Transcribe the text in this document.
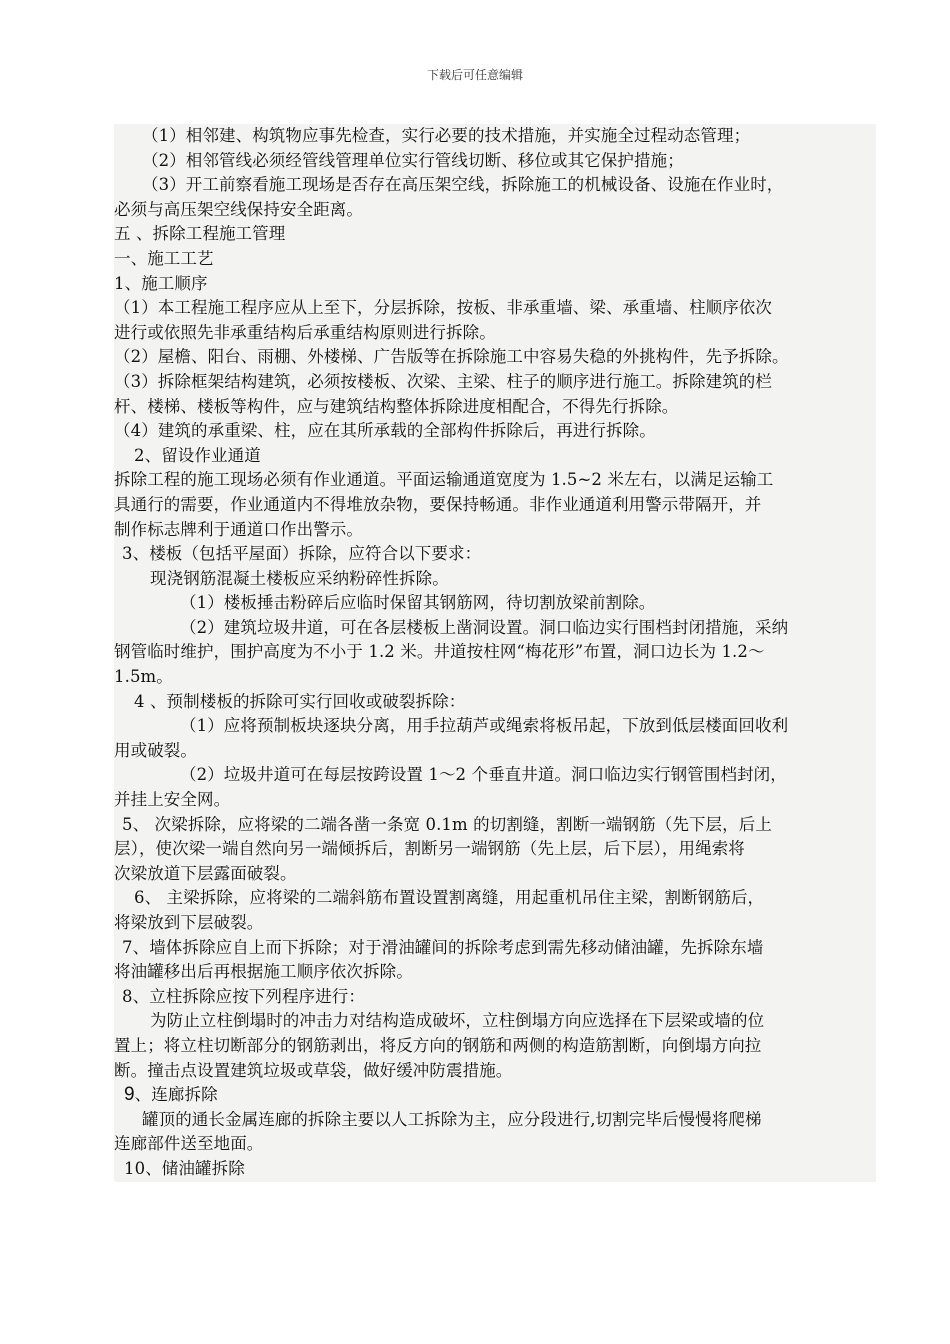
下载后可任意编辑

（1）相邻建、构筑物应事先检查，实行必要的技术措施，并实施全过程动态管理；

（2）相邻管线必须经管线管理单位实行管线切断、移位或其它保护措施；

（3）开工前察看施工现场是否存在高压架空线，拆除施工的机械设备、设施在作业时，

必须与高压架空线保持安全距离。

五 、拆除工程施工管理

一、施工工艺

1、施工顺序

（1）本工程施工程序应从上至下，分层拆除，按板、非承重墙、梁、承重墙、柱顺序依次

进行或依照先非承重结构后承重结构原则进行拆除。

（2）屋檐、阳台、雨棚、外楼梯、广告版等在拆除施工中容易失稳的外挑构件，先予拆除。

（3）拆除框架结构建筑，必须按楼板、次梁、主梁、柱子的顺序进行施工。拆除建筑的栏

杆、楼梯、楼板等构件，应与建筑结构整体拆除进度相配合，不得先行拆除。

（4）建筑的承重梁、柱，应在其所承载的全部构件拆除后，再进行拆除。

2、留设作业通道

拆除工程的施工现场必须有作业通道。平面运输通道宽度为 1.5~2 米左右，以满足运输工

具通行的需要，作业通道内不得堆放杂物，要保持畅通。非作业通道利用警示带隔开，并

制作标志牌利于通道口作出警示。

3、楼板（包括平屋面）拆除，应符合以下要求：

现浇钢筋混凝土楼板应采纳粉碎性拆除。

（1）楼板捶击粉碎后应临时保留其钢筋网，待切割放梁前割除。

（2）建筑垃圾井道，可在各层楼板上凿洞设置。洞口临边实行围档封闭措施，采纳

钢管临时维护，围护高度为不小于 1.2 米。井道按柱网“梅花形”布置，洞口边长为 1.2～

1.5m。

4 、预制楼板的拆除可实行回收或破裂拆除：

（1）应将预制板块逐块分离，用手拉葫芦或绳索将板吊起，下放到低层楼面回收利

用或破裂。

（2）垃圾井道可在每层按跨设置 1～2 个垂直井道。洞口临边实行钢管围档封闭，

并挂上安全网。

5、 次梁拆除，应将梁的二端各凿一条宽 0.1m 的切割缝，割断一端钢筋（先下层，后上

层），使次梁一端自然向另一端倾拆后，割断另一端钢筋（先上层，后下层），用绳索将

次梁放道下层露面破裂。

6、 主梁拆除，应将梁的二端斜筋布置设置割离缝，用起重机吊住主梁，割断钢筋后，

将梁放到下层破裂。

7、墙体拆除应自上而下拆除；对于滑油罐间的拆除考虑到需先移动储油罐，先拆除东墙

将油罐移出后再根据施工顺序依次拆除。

8、立柱拆除应按下列程序进行：

为防止立柱倒塌时的冲击力对结构造成破坏，立柱倒塌方向应选择在下层梁或墙的位

置上；将立柱切断部分的钢筋剥出，将反方向的钢筋和两侧的构造筋割断，向倒塌方向拉

断。撞击点设置建筑垃圾或草袋，做好缓冲防震措施。

9、连廊拆除

罐顶的通长金属连廊的拆除主要以人工拆除为主，应分段进行,切割完毕后慢慢将爬梯

连廊部件送至地面。

10、储油罐拆除
